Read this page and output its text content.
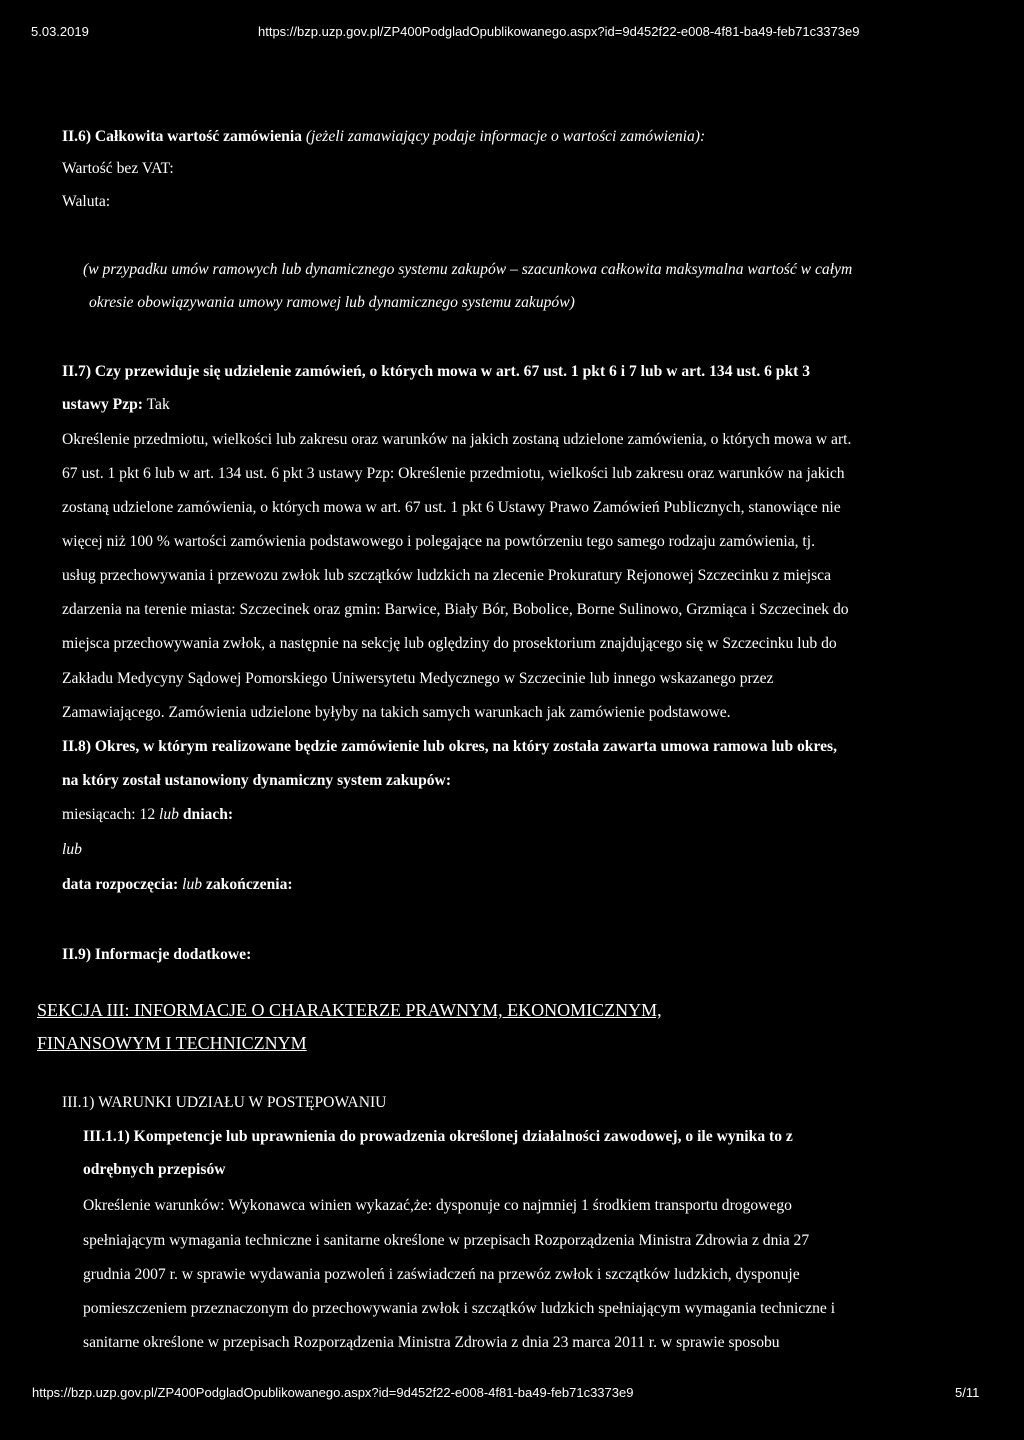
5.03.2019	https://bzp.uzp.gov.pl/ZP400PodgladOpublikowanego.aspx?id=9d452f22-e008-4f81-ba49-feb71c3373e9
https://bzp.uzp.gov.pl/ZP400PodgladOpublikowanego.aspx?id=9d452f22-e008-4f81-ba49-feb71c3373e9	5/11
II.6) Całkowita wartość zamówienia (jeżeli zamawiający podaje informacje o wartości zamówienia):
Wartość bez VAT:
Waluta:
(w przypadku umów ramowych lub dynamicznego systemu zakupów – szacunkowa całkowita maksymalna wartość w całym
okresie obowiązywania umowy ramowej lub dynamicznego systemu zakupów)
II.7) Czy przewiduje się udzielenie zamówień, o których mowa w art. 67 ust. 1 pkt 6 i 7 lub w art. 134 ust. 6 pkt 3
ustawy Pzp: Tak
Określenie przedmiotu, wielkości lub zakresu oraz warunków na jakich zostaną udzielone zamówienia, o których mowa w art.
67 ust. 1 pkt 6 lub w art. 134 ust. 6 pkt 3 ustawy Pzp: Określenie przedmiotu, wielkości lub zakresu oraz warunków na jakich
zostaną udzielone zamówienia, o których mowa w art. 67 ust. 1 pkt 6 Ustawy Prawo Zamówień Publicznych, stanowiące nie
więcej niż 100 % wartości zamówienia podstawowego i polegające na powtórzeniu tego samego rodzaju zamówienia, tj.
usług przechowywania i przewozu zwłok lub szczątków ludzkich na zlecenie Prokuratury Rejonowej Szczecinku z miejsca
zdarzenia na terenie miasta: Szczecinek oraz gmin: Barwice, Biały Bór, Bobolice, Borne Sulinowo, Grzmiąca i Szczecinek do
miejsca przechowywania zwłok, a następnie na sekcję lub oględziny do prosektorium znajdującego się w Szczecinku lub do
Zakładu Medycyny Sądowej Pomorskiego Uniwersytetu Medycznego w Szczecinie lub innego wskazanego przez
Zamawiającego. Zamówienia udzielone byłyby na takich samych warunkach jak zamówienie podstawowe.
II.8) Okres, w którym realizowane będzie zamówienie lub okres, na który została zawarta umowa ramowa lub okres,
na który został ustanowiony dynamiczny system zakupów:
miesiącach: 12 lub dniach:
lub
data rozpoczęcia: lub zakończenia:
II.9) Informacje dodatkowe:
SEKCJA III: INFORMACJE O CHARAKTERZE PRAWNYM, EKONOMICZNYM,
FINANSOWYM I TECHNICZNYM
III.1) WARUNKI UDZIAŁU W POSTĘPOWANIU
III.1.1) Kompetencje lub uprawnienia do prowadzenia określonej działalności zawodowej, o ile wynika to z
odrębnych przepisów
Określenie warunków: Wykonawca winien wykazać,że: dysponuje co najmniej 1 środkiem transportu drogowego
spełniającym wymagania techniczne i sanitarne określone w przepisach Rozporządzenia Ministra Zdrowia z dnia 27
grudnia 2007 r. w sprawie wydawania pozwoleń i zaświadczeń na przewóz zwłok i szczątków ludzkich, dysponuje
pomieszczeniem przeznaczonym do przechowywania zwłok i szczątków ludzkich spełniającym wymagania techniczne i
sanitarne określone w przepisach Rozporządzenia Ministra Zdrowia z dnia 23 marca 2011 r. w sprawie sposobu
